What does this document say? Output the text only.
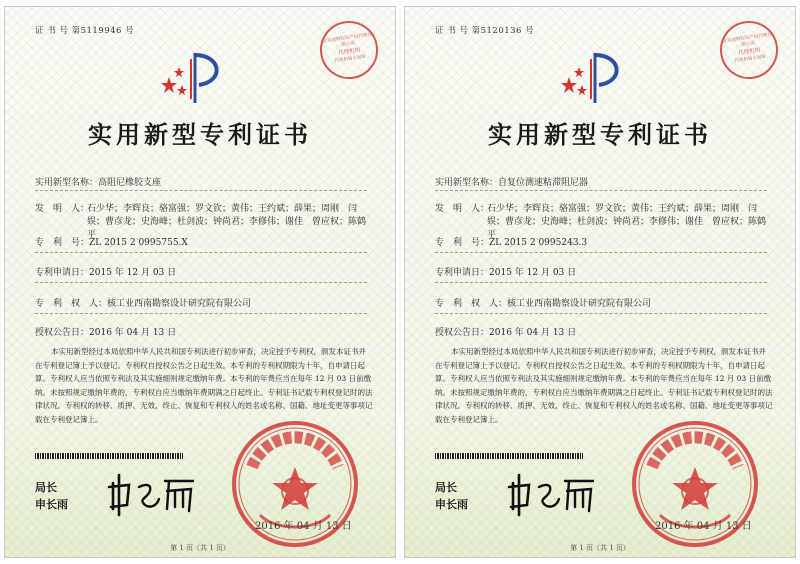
证 书 号 第5119946 号
北京国粹知识产权代理有限公司
代理机构
代理机构专用章
实用新型专利证书
实用新型名称：高阻尼橡胶支座
发　明　人：
石少华；李辉良；骆富强；罗文钦；黄伟；王约斌；薛果；周刚　闫娱；曹彦龙；史海峰；杜剑波；钟尚君；李修伟；谢佳　曾应权；陈鹤平
专　利　号：ZL 2015 2 0995755.X
专利申请日：2015 年 12 月 03 日
专　利　权　人：核工业西南勘察设计研究院有限公司
授权公告日：2016 年 04 月 13 日
本实用新型经过本局依照中华人民共和国专利法进行初步审查，决定授予专利权，颁发本证书并在专利登记簿上予以登记。专利权自授权公告之日起生效。本专利的专利权期限为十年，自申请日起算。专利权人应当依照专利法及其实施细则规定缴纳年费。本专利的年费应当在每年 12 月 03 日前缴纳。未按照规定缴纳年费的，专利权自应当缴纳年费期满之日起终止。专利证书记载专利权登记时的法律状况。专利权的转移、质押、无效、终止、恢复和专利权人的姓名或名称、国籍、地址变更等事项记载在专利登记簿上。
局长
申长雨
2016 年 04 月 13 日
第 1 页（共 1 页）
证 书 号 第5120136 号
北京国粹知识产权代理有限公司
代理机构
代理机构专用章
实用新型专利证书
实用新型名称：自复位测速粘滞阻尼器
发　明　人：
石少华；李辉良；骆富强；罗文钦；黄伟；王约斌；薛果；周刚　闫娱；曹彦龙；史海峰；杜剑波；钟尚君；李修伟；谢佳　曾应权；陈鹤平
专　利　号：ZL 2015 2 0995243.3
专利申请日：2015 年 12 月 03 日
专　利　权　人：核工业西南勘察设计研究院有限公司
授权公告日：2016 年 04 月 13 日
本实用新型经过本局依照中华人民共和国专利法进行初步审查，决定授予专利权，颁发本证书并在专利登记簿上予以登记。专利权自授权公告之日起生效。本专利的专利权期限为十年，自申请日起算。专利权人应当依照专利法及其实施细则规定缴纳年费。本专利的年费应当在每年 12 月 03 日前缴纳。未按照规定缴纳年费的，专利权自应当缴纳年费期满之日起终止。专利证书记载专利权登记时的法律状况。专利权的转移、质押、无效、终止、恢复和专利权人的姓名或名称、国籍、地址变更等事项记载在专利登记簿上。
局长
申长雨
2016 年 04 月 13 日
第 1 页（共 1 页）
